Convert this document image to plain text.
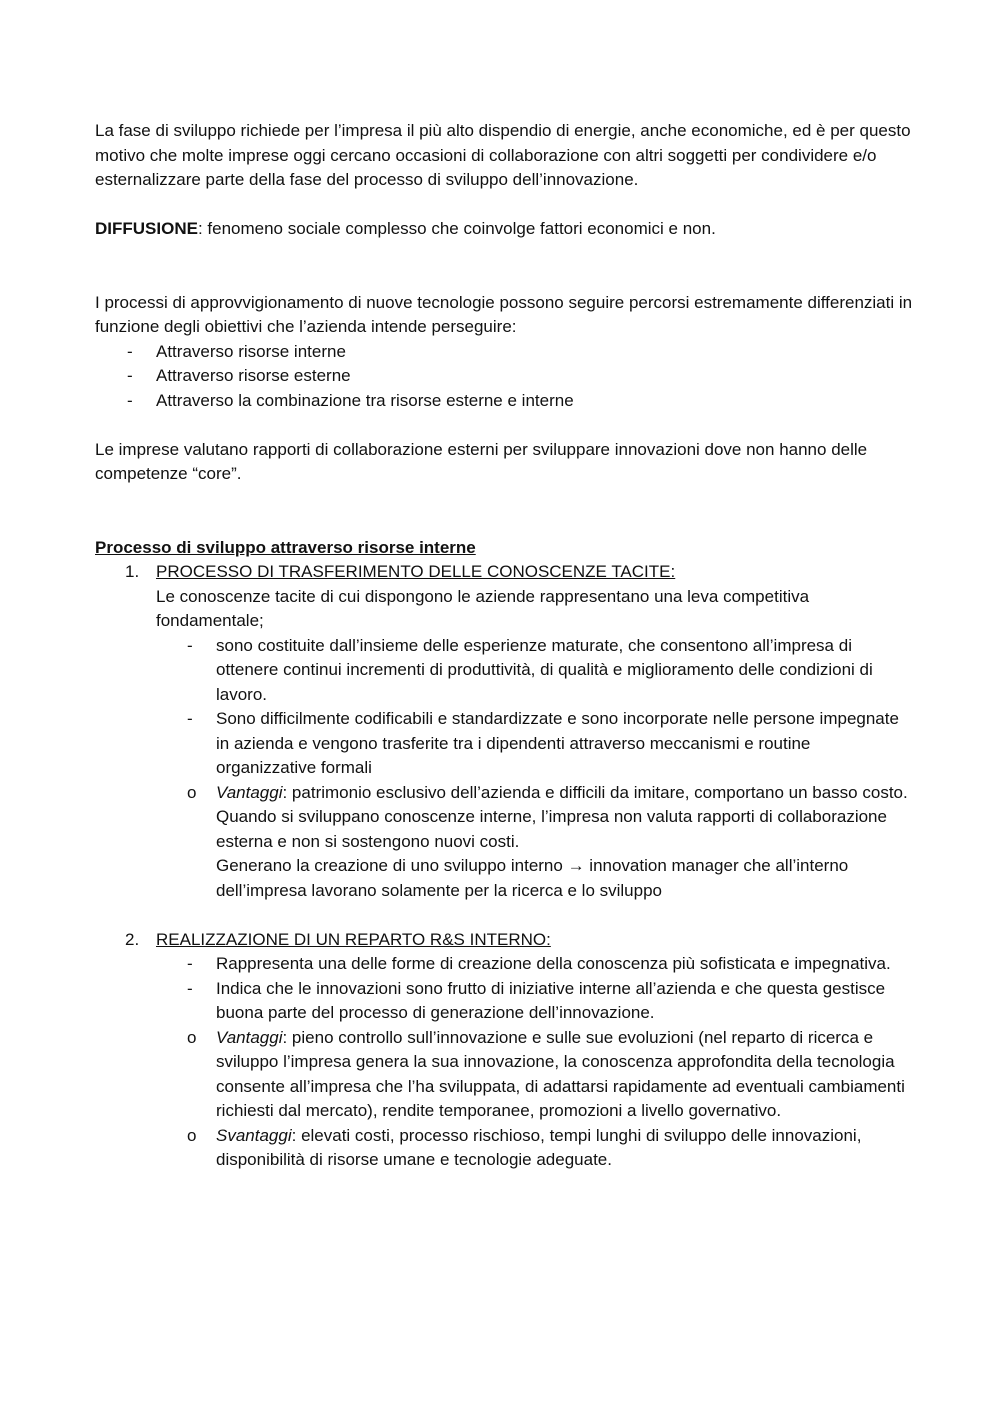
La fase di sviluppo richiede per l’impresa il più alto dispendio di energie, anche economiche, ed è per questo motivo che molte imprese oggi cercano occasioni di collaborazione con altri soggetti per condividere e/o esternalizzare parte della fase del processo di sviluppo dell’innovazione.

DIFFUSIONE: fenomeno sociale complesso che coinvolge fattori economici e non.

I processi di approvvigionamento di nuove tecnologie possono seguire percorsi estremamente differenziati in funzione degli obiettivi che l’azienda intende perseguire:

- Attraverso risorse interne
- Attraverso risorse esterne
- Attraverso la combinazione tra risorse esterne e interne

Le imprese valutano rapporti di collaborazione esterni per sviluppare innovazioni dove non hanno delle competenze “core”.

Processo di sviluppo attraverso risorse interne

1. PROCESSO DI TRASFERIMENTO DELLE CONOSCENZE TACITE:
Le conoscenze tacite di cui dispongono le aziende rappresentano una leva competitiva fondamentale;
- sono costituite dall’insieme delle esperienze maturate, che consentono all’impresa di ottenere continui incrementi di produttività, di qualità e miglioramento delle condizioni di lavoro.
- Sono difficilmente codificabili e standardizzate e sono incorporate nelle persone impegnate in azienda e vengono trasferite tra i dipendenti attraverso meccanismi e routine organizzative formali
o Vantaggi: patrimonio esclusivo dell’azienda e difficili da imitare, comportano un basso costo.
Quando si sviluppano conoscenze interne, l’impresa non valuta rapporti di collaborazione esterna e non si sostengono nuovi costi.
Generano la creazione di uno sviluppo interno → innovation manager che all’interno dell’impresa lavorano solamente per la ricerca e lo sviluppo
2. REALIZZAZIONE DI UN REPARTO R&S INTERNO:
- Rappresenta una delle forme di creazione della conoscenza più sofisticata e impegnativa.
- Indica che le innovazioni sono frutto di iniziative interne all’azienda e che questa gestisce buona parte del processo di generazione dell’innovazione.
o Vantaggi: pieno controllo sull’innovazione e sulle sue evoluzioni (nel reparto di ricerca e sviluppo l’impresa genera la sua innovazione, la conoscenza approfondita della tecnologia consente all’impresa che l’ha sviluppata, di adattarsi rapidamente ad eventuali cambiamenti richiesti dal mercato), rendite temporanee, promozioni a livello governativo.
o Svantaggi: elevati costi, processo rischioso, tempi lunghi di sviluppo delle innovazioni, disponibilità di risorse umane e tecnologie adeguate.
